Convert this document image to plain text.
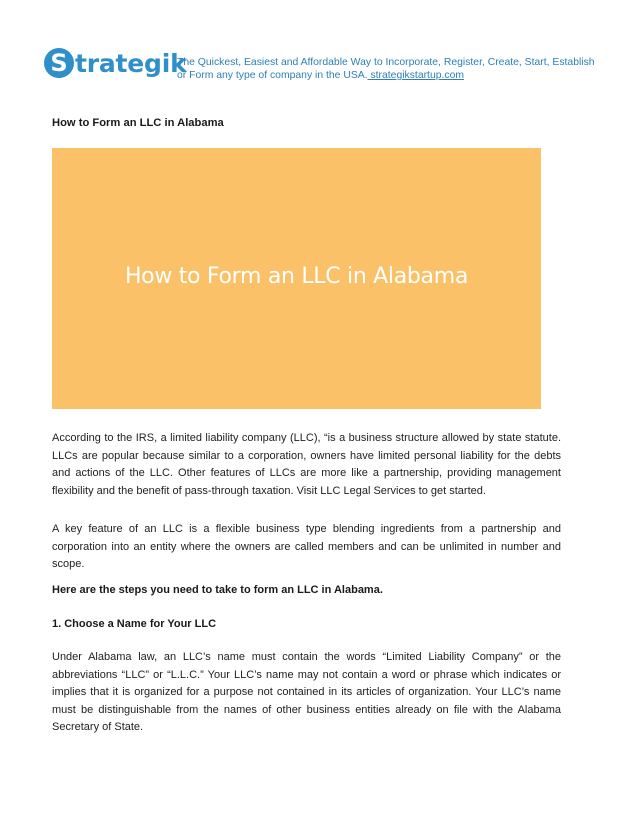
S trategik
The Quickest, Easiest and Affordable Way to Incorporate, Register, Create, Start, Establish or Form any type of company in the USA. strategikstartup.com
How to Form an LLC in Alabama
How to Form an LLC in Alabama

According to the IRS, a limited liability company (LLC), “is a business structure allowed by state statute. LLCs are popular because similar to a corporation, owners have limited personal liability for the debts and actions of the LLC. Other features of LLCs are more like a partnership, providing management flexibility and the benefit of pass-through taxation. Visit LLC Legal Services to get started.

A key feature of an LLC is a flexible business type blending ingredients from a partnership and corporation into an entity where the owners are called members and can be unlimited in number and scope.

Here are the steps you need to take to form an LLC in Alabama.
1. Choose a Name for Your LLC

Under Alabama law, an LLC’s name must contain the words “Limited Liability Company” or the abbreviations “LLC” or “L.L.C.” Your LLC’s name may not contain a word or phrase which indicates or implies that it is organized for a purpose not contained in its articles of organization. Your LLC’s name must be distinguishable from the names of other business entities already on file with the Alabama Secretary of State.
